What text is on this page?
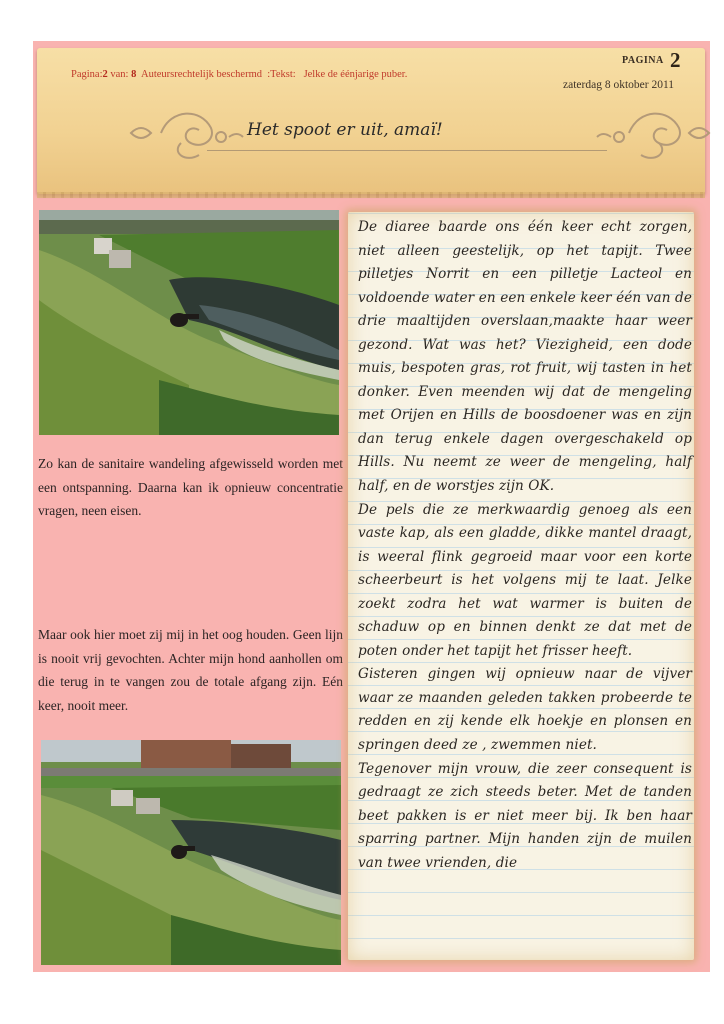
Pagina:2 van: 8 Auteursrechtelijk beschermd :Tekst: Jelke de éénjarige puber.
PAGINA 2
zaterdag 8 oktober 2011
Het spoot er uit, amaï!
Zo kan de sanitaire wandeling afgewisseld worden met een ontspanning. Daarna kan ik opnieuw concentratie vragen, neen eisen.
Maar ook hier moet zij mij in het oog houden. Geen lijn is nooit vrij gevochten. Achter mijn hond aanhollen om die terug in te vangen zou de totale afgang zijn. Eén keer, nooit meer.

De diaree baarde ons één keer echt zorgen, niet alleen geestelijk, op het tapijt. Twee pilletjes Norrit en een pilletje Lacteol en voldoende water en een enkele keer één van de drie maaltijden overslaan,maakte haar weer gezond. Wat was het? Viezigheid, een dode muis, bespoten gras, rot fruit, wij tasten in het donker. Even meenden wij dat de mengeling met Orijen en Hills de boosdoener was en zijn dan terug enkele dagen overgeschakeld op Hills. Nu neemt ze weer de mengeling, half half, en de worstjes zijn OK.

De pels die ze merkwaardig genoeg als een vaste kap, als een gladde, dikke mantel draagt, is weeral flink gegroeid maar voor een korte scheerbeurt is het volgens mij te laat. Jelke zoekt zodra het wat warmer is buiten de schaduw op en binnen denkt ze dat met de poten onder het tapijt het frisser heeft.

Gisteren gingen wij opnieuw naar de vijver waar ze maanden geleden takken probeerde te redden en zij kende elk hoekje en plonsen en springen deed ze , zwemmen niet.

Tegenover mijn vrouw, die zeer consequent is gedraagt ze zich steeds beter. Met de tanden beet pakken is er niet meer bij. Ik ben haar sparring partner. Mijn handen zijn de muilen van twee vrienden, die
